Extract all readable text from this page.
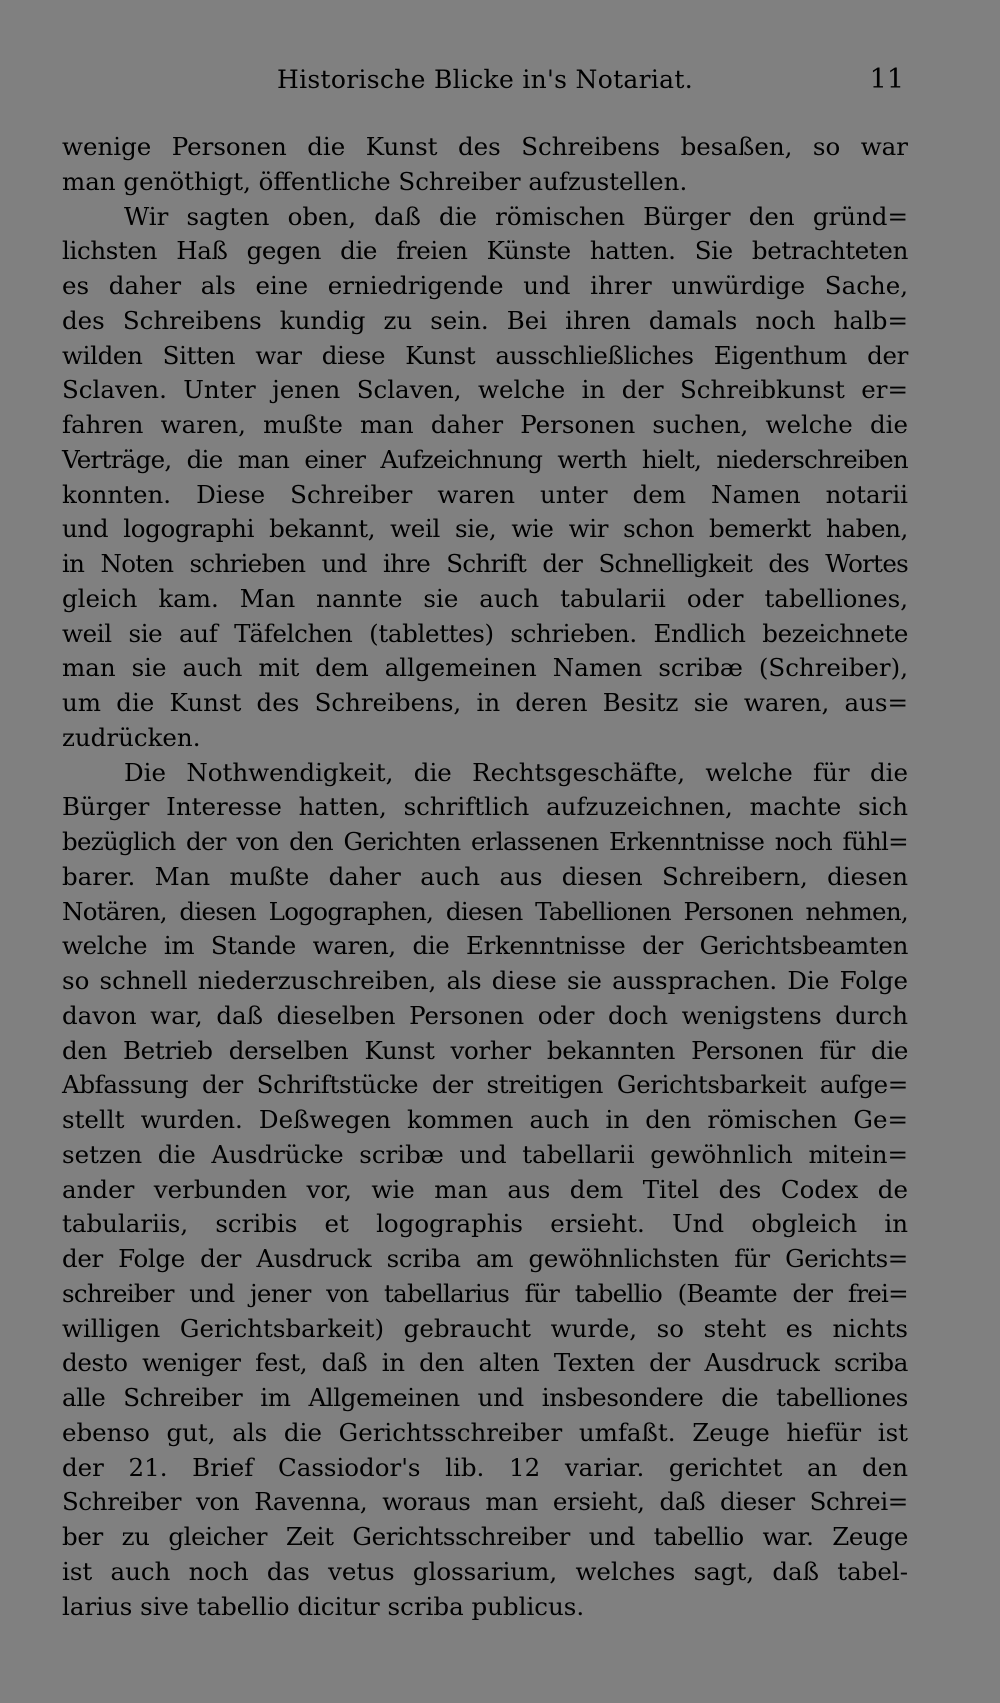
Historische Blicke in's Notariat.	11
wenige Personen die Kunst des Schreibens besaßen, so war
man genöthigt, öffentliche Schreiber aufzustellen.
Wir sagten oben, daß die römischen Bürger den gründ=
lichsten Haß gegen die freien Künste hatten. Sie betrachteten
es daher als eine erniedrigende und ihrer unwürdige Sache,
des Schreibens kundig zu sein. Bei ihren damals noch halb=
wilden Sitten war diese Kunst ausschließliches Eigenthum der
Sclaven. Unter jenen Sclaven, welche in der Schreibkunst er=
fahren waren, mußte man daher Personen suchen, welche die
Verträge, die man einer Aufzeichnung werth hielt, niederschreiben
konnten. Diese Schreiber waren unter dem Namen notarii
und logographi bekannt, weil sie, wie wir schon bemerkt haben,
in Noten schrieben und ihre Schrift der Schnelligkeit des Wortes
gleich kam. Man nannte sie auch tabularii oder tabelliones,
weil sie auf Täfelchen (tablettes) schrieben. Endlich bezeichnete
man sie auch mit dem allgemeinen Namen scribæ (Schreiber),
um die Kunst des Schreibens, in deren Besitz sie waren, aus=
zudrücken.
Die Nothwendigkeit, die Rechtsgeschäfte, welche für die
Bürger Interesse hatten, schriftlich aufzuzeichnen, machte sich
bezüglich der von den Gerichten erlassenen Erkenntnisse noch fühl=
barer. Man mußte daher auch aus diesen Schreibern, diesen
Notären, diesen Logographen, diesen Tabellionen Personen nehmen,
welche im Stande waren, die Erkenntnisse der Gerichtsbeamten
so schnell niederzuschreiben, als diese sie aussprachen. Die Folge
davon war, daß dieselben Personen oder doch wenigstens durch
den Betrieb derselben Kunst vorher bekannten Personen für die
Abfassung der Schriftstücke der streitigen Gerichtsbarkeit aufge=
stellt wurden. Deßwegen kommen auch in den römischen Ge=
setzen die Ausdrücke scribæ und tabellarii gewöhnlich mitein=
ander verbunden vor, wie man aus dem Titel des Codex de
tabulariis, scribis et logographis ersieht. Und obgleich in
der Folge der Ausdruck scriba am gewöhnlichsten für Gerichts=
schreiber und jener von tabellarius für tabellio (Beamte der frei=
willigen Gerichtsbarkeit) gebraucht wurde, so steht es nichts
desto weniger fest, daß in den alten Texten der Ausdruck scriba
alle Schreiber im Allgemeinen und insbesondere die tabelliones
ebenso gut, als die Gerichtsschreiber umfaßt. Zeuge hiefür ist
der 21. Brief Cassiodor's lib. 12 variar. gerichtet an den
Schreiber von Ravenna, woraus man ersieht, daß dieser Schrei=
ber zu gleicher Zeit Gerichtsschreiber und tabellio war. Zeuge
ist auch noch das vetus glossarium, welches sagt, daß tabel-
larius sive tabellio dicitur scriba publicus.
